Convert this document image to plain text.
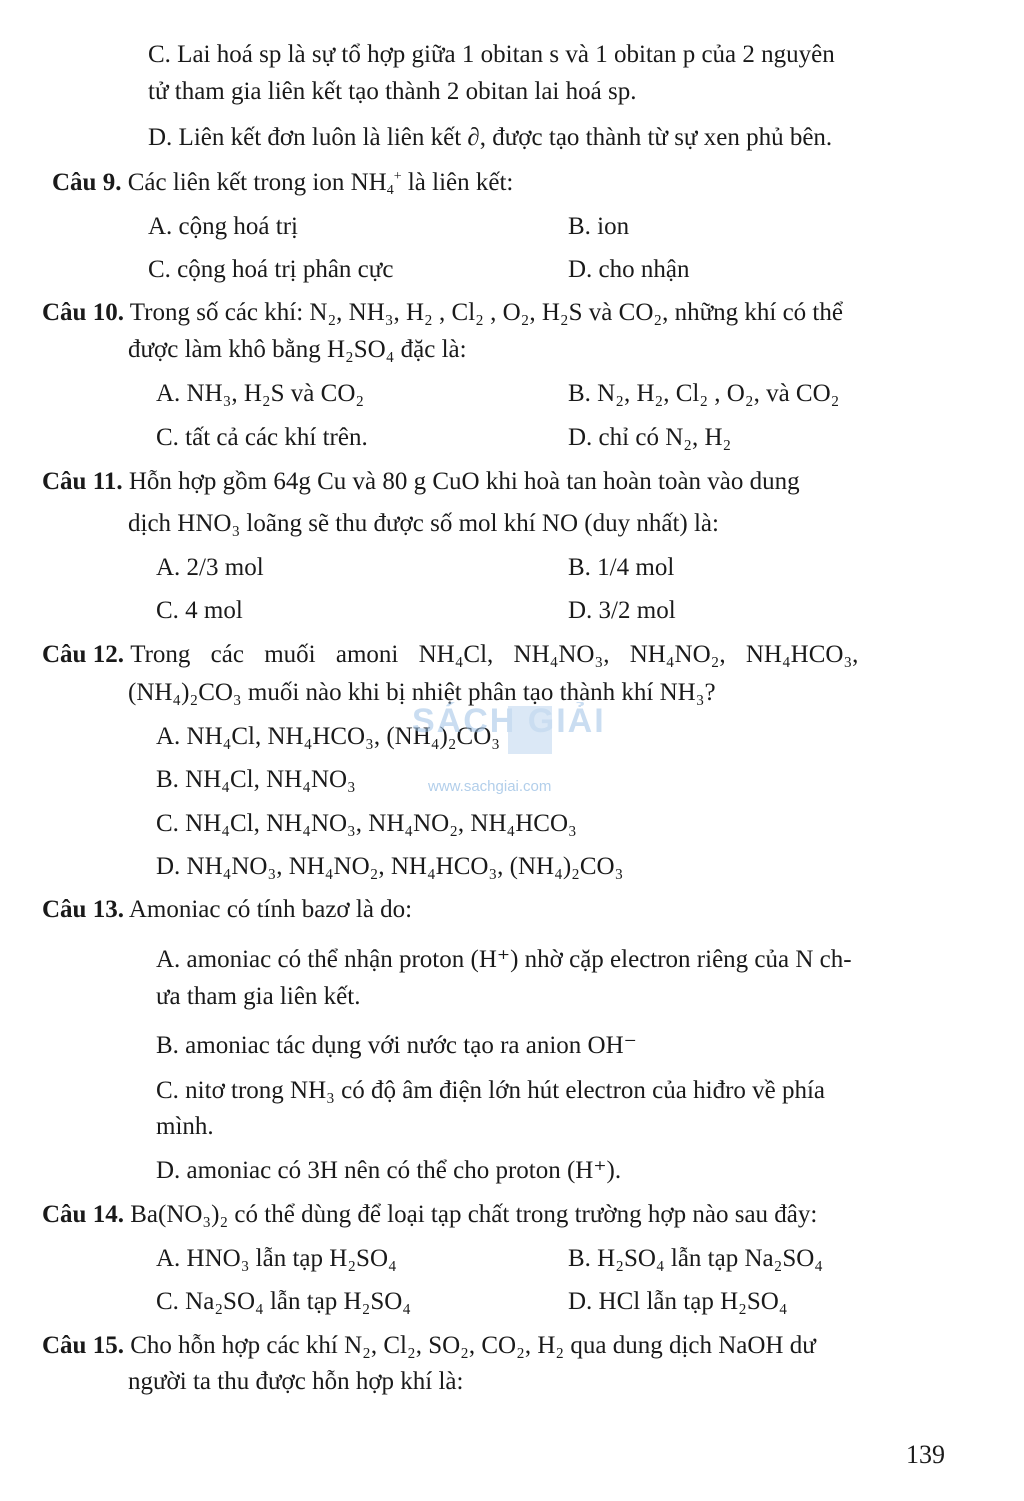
C. Lai hoá sp là sự tổ hợp giữa 1 obitan s và 1 obitan p của 2 nguyên
tử tham gia liên kết tạo thành 2 obitan lai hoá sp.
D. Liên kết đơn luôn là liên kết ∂, được tạo thành từ sự xen phủ bên.
Câu 9. Các liên kết trong ion $NH_4^+$ là liên kết:
A. cộng hoá trị	B. ion
C. cộng hoá trị phân cực	D. cho nhận
Câu 10. Trong số các khí: N₂, NH₃, H₂ , Cl₂ , O₂, H₂S và CO₂, những khí có thể
được làm khô bằng H₂SO₄ đặc là:
A. NH₃, H₂S và CO₂	B. N₂, H₂, Cl₂ , O₂, và CO₂
C. tất cả các khí trên.	D. chỉ có N₂, H₂
Câu 11. Hỗn hợp gồm 64g Cu và 80 g CuO khi hoà tan hoàn toàn vào dung
dịch HNO₃ loãng sẽ thu được số mol khí NO (duy nhất) là:
A. 2/3 mol	B. 1/4 mol
C. 4 mol	D. 3/2 mol
Câu 12. Trong các muối amoni NH₄Cl, NH₄NO₃, NH₄NO₂, NH₄HCO₃,
(NH₄)₂CO₃ muối nào khi bị nhiệt phân tạo thành khí NH₃?
A. NH₄Cl, NH₄HCO₃, (NH₄)₂CO₃
B. NH₄Cl, NH₄NO₃
C. NH₄Cl, NH₄NO₃, NH₄NO₂, NH₄HCO₃
D. NH₄NO₃, NH₄NO₂, NH₄HCO₃, (NH₄)₂CO₃
SÁCH GIẢI
www.sachgiai.com
Câu 13. Amoniac có tính bazơ là do:
A. amoniac có thể nhận proton (H⁺) nhờ cặp electron riêng của N ch-
ưa tham gia liên kết.
B. amoniac tác dụng với nước tạo ra anion OH⁻
C. nitơ trong NH₃ có độ âm điện lớn hút electron của hiđro về phía
mình.
D. amoniac có 3H nên có thể cho proton (H⁺).
Câu 14. Ba(NO₃)₂ có thể dùng để loại tạp chất trong trường hợp nào sau đây:
A. HNO₃ lẫn tạp H₂SO₄	B. H₂SO₄ lẫn tạp Na₂SO₄
C. Na₂SO₄ lẫn tạp H₂SO₄	D. HCl lẫn tạp H₂SO₄
Câu 15. Cho hỗn hợp các khí N₂, Cl₂, SO₂, CO₂, H₂ qua dung dịch NaOH dư
người ta thu được hỗn hợp khí là:
139
